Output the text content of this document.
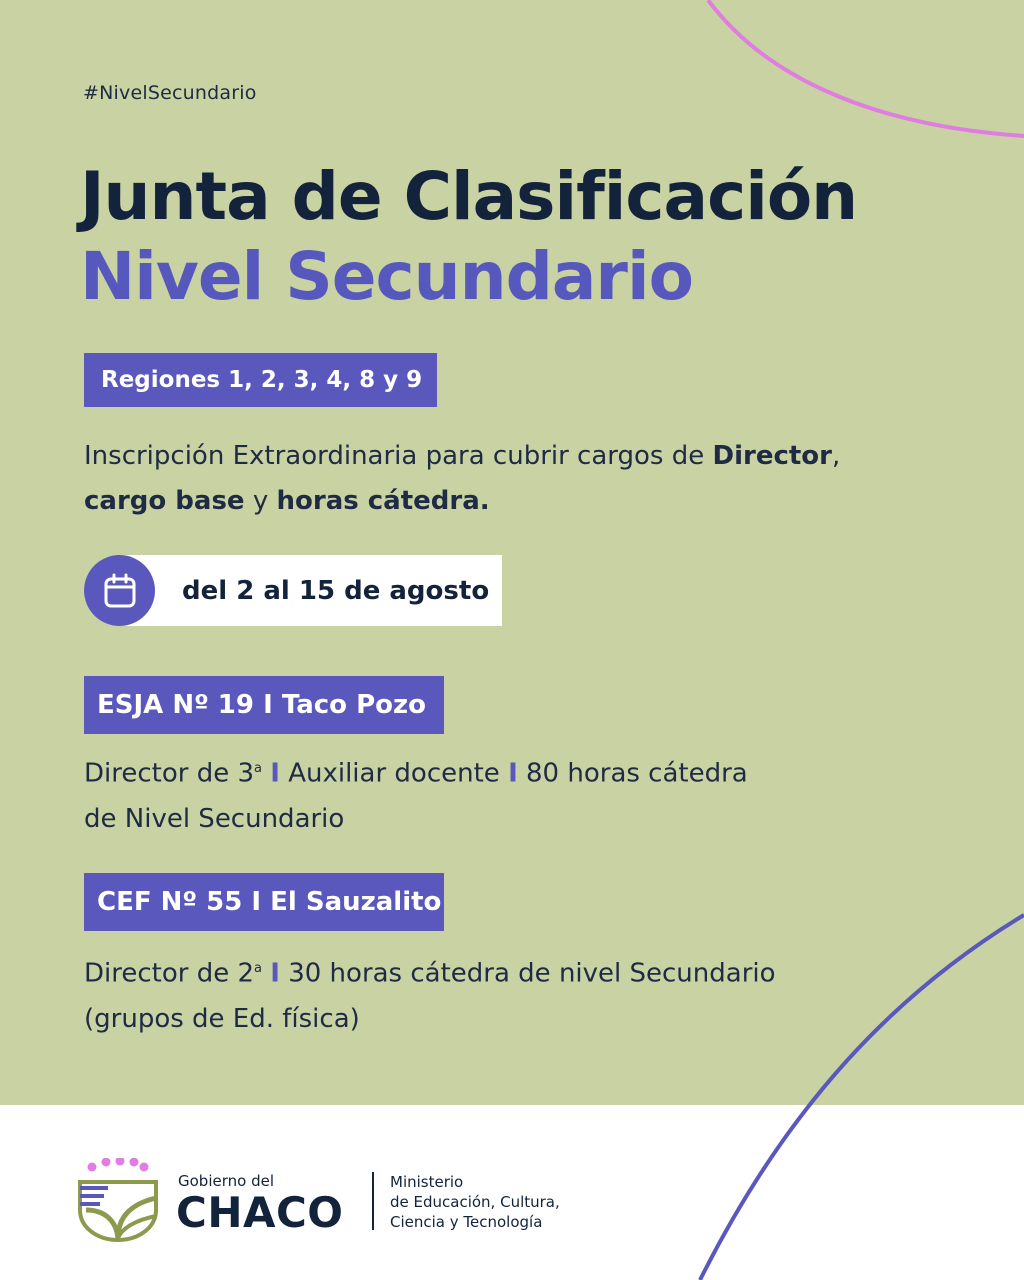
#NivelSecundario
Junta de Clasificación
Nivel Secundario
Regiones 1, 2, 3, 4, 8 y 9
Inscripción Extraordinaria para cubrir cargos de Director,
cargo base y horas cátedra.
del 2 al 15 de agosto
ESJA Nº 19
I
Taco Pozo
Director de 3$^a$ I Auxiliar docente I 80 horas cátedra
de Nivel Secundario
CEF Nº 55
I
El Sauzalito
Director de 2$^a$ I 30 horas cátedra de nivel Secundario
(grupos de Ed. física)
Gobierno del
CHACO
Ministerio
de Educación, Cultura,
Ciencia y Tecnología
